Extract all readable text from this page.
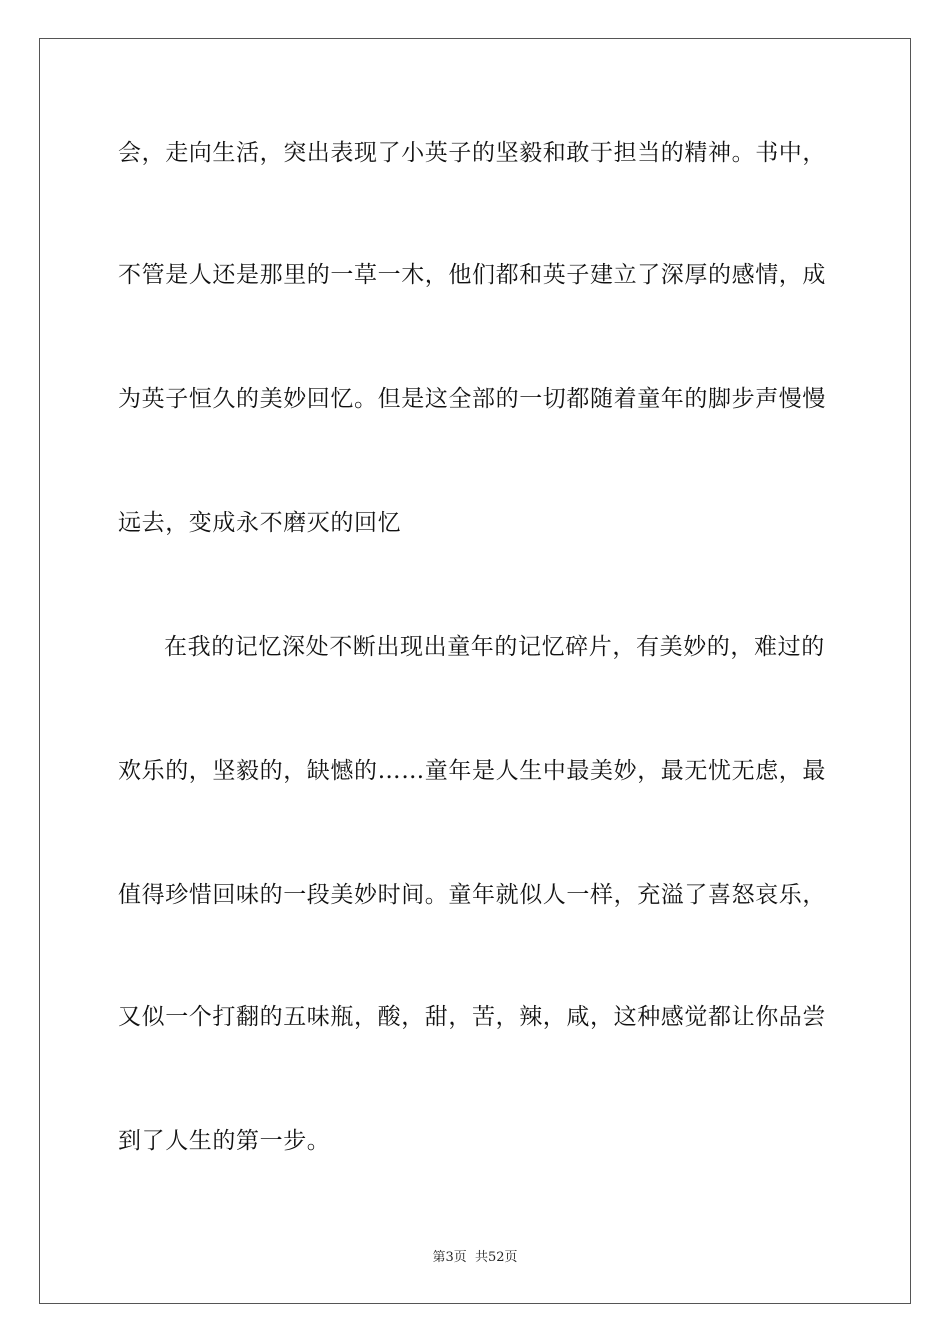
会，走向生活，突出表现了小英子的坚毅和敢于担当的精神。书中，
不管是人还是那里的一草一木，他们都和英子建立了深厚的感情，成
为英子恒久的美妙回忆。但是这全部的一切都随着童年的脚步声慢慢
远去，变成永不磨灭的回忆
在我的记忆深处不断出现出童年的记忆碎片，有美妙的，难过的
欢乐的，坚毅的，缺憾的……童年是人生中最美妙，最无忧无虑，最
值得珍惜回味的一段美妙时间。童年就似人一样，充溢了喜怒哀乐，
又似一个打翻的五味瓶，酸，甜，苦，辣，咸，这种感觉都让你品尝
到了人生的第一步。
第3页 共52页
